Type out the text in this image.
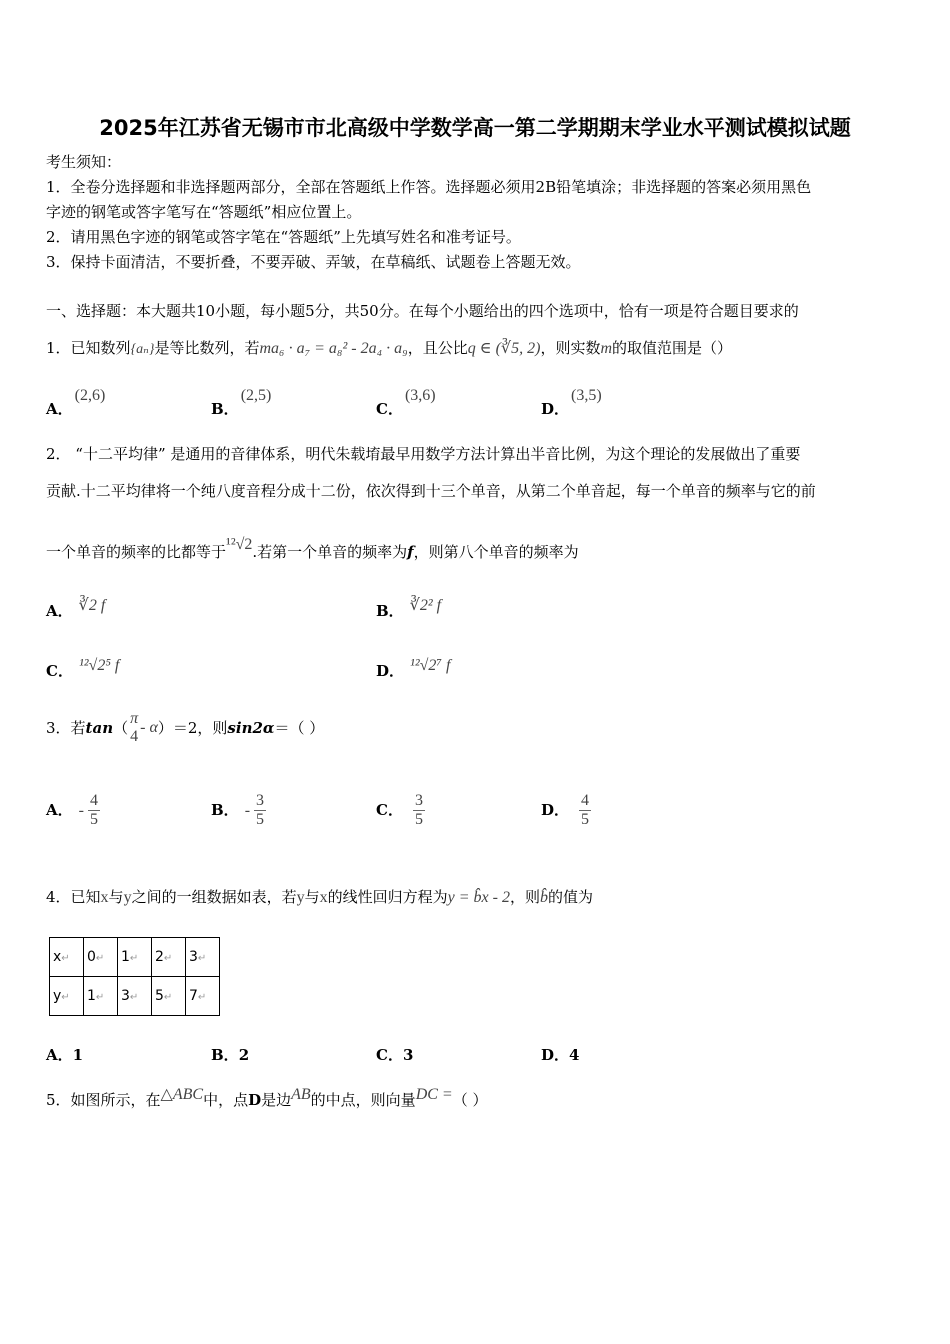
2025年江苏省无锡市市北高级中学数学高一第二学期期末学业水平测试模拟试题
考生须知：
1．全卷分选择题和非选择题两部分，全部在答题纸上作答。选择题必须用2B铅笔填涂；非选择题的答案必须用黑色
字迹的钢笔或答字笔写在“答题纸”相应位置上。
2．请用黑色字迹的钢笔或答字笔在“答题纸”上先填写姓名和准考证号。
3．保持卡面清洁，不要折叠，不要弄破、弄皱，在草稿纸、试题卷上答题无效。
一、选择题：本大题共10小题，每小题5分，共50分。在每个小题给出的四个选项中，恰有一项是符合题目要求的
1．已知数列{aₙ}是等比数列，若ma₆ · a₇ = a₈² - 2a₄ · a₉，且公比q ∈ (∛5, 2)，则实数m的取值范围是（）
A．(2,6)
B．(2,5)
C．(3,6)
D．(3,5)
2． “十二平均律” 是通用的音律体系，明代朱载堉最早用数学方法计算出半音比例，为这个理论的发展做出了重要
贡献.十二平均律将一个纯八度音程分成十二份，依次得到十三个单音，从第二个单音起，每一个单音的频率与它的前
一个单音的频率的比都等于¹²√2.若第一个单音的频率为f，则第八个单音的频率为
A． ∛2 f	B． ∛2² f
C． ¹²√2⁵ f	D． ¹²√2⁷ f
3．若tan（
π
4
- α）＝2，则sin2α＝（ ）
A． - $\frac{4}{5}$	B． - $\frac{3}{5}$	C． $\frac{3}{5}$	D． $\frac{4}{5}$
4．已知x与y之间的一组数据如表，若y与x的线性回归方程为y = b̂x - 2，则b̂的值为
x↵	0↵	1↵	2↵	3↵
y↵	1↵	3↵	5↵	7↵
A．1	B．2	C．3	D．4
5．如图所示，在△ABC中，点D是边AB的中点，则向量DC =（ ）
